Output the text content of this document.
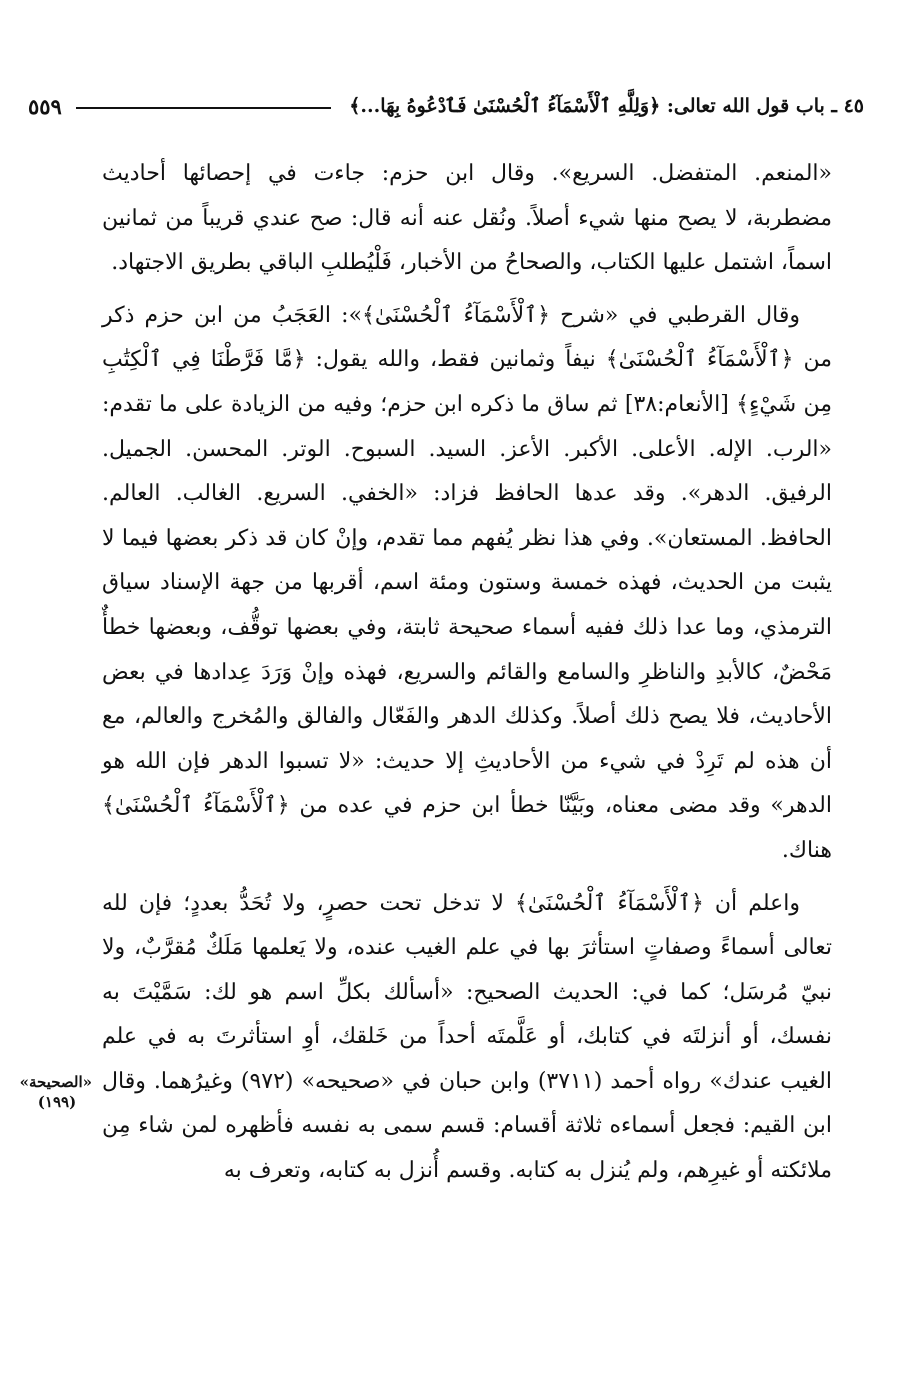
٤٥ ـ باب قول الله تعالى: ﴿وَلِلَّهِ ٱلْأَسْمَآءُ ٱلْحُسْنَىٰ فَٱدْعُوهُ بِهَا...﴾
٥٥٩

«المنعم. المتفضل. السريع». وقال ابن حزم: جاءت في إحصائها أحاديث مضطربة، لا يصح منها شيء أصلاً. ونُقل عنه أنه قال: صح عندي قريباً من ثمانين اسماً، اشتمل عليها الكتاب، والصحاحُ من الأخبار، فَلْيُطلبِ الباقي بطريق الاجتهاد.

وقال القرطبي في «شرح ﴿ٱلْأَسْمَآءُ ٱلْحُسْنَىٰ﴾»: العَجَبُ من ابن حزم ذكر من ﴿ٱلْأَسْمَآءُ ٱلْحُسْنَىٰ﴾ نيفاً وثمانين فقط، والله يقول: ﴿مَّا فَرَّطْنَا فِي ٱلْكِتَٰبِ مِن شَيْءٍ﴾ [الأنعام:٣٨] ثم ساق ما ذكره ابن حزم؛ وفيه من الزيادة على ما تقدم: «الرب. الإله. الأعلى. الأكبر. الأعز. السيد. السبوح. الوتر. المحسن. الجميل. الرفيق. الدهر». وقد عدها الحافظ فزاد: «الخفي. السريع. الغالب. العالم. الحافظ. المستعان». وفي هذا نظر يُفهم مما تقدم، وإنْ كان قد ذكر بعضها فيما لا يثبت من الحديث، فهذه خمسة وستون ومئة اسم، أقربها من جهة الإسناد سياق الترمذي، وما عدا ذلك ففيه أسماء صحيحة ثابتة، وفي بعضها توقُّف، وبعضها خطأٌ مَحْضٌ، كالأبدِ والناظرِ والسامع والقائم والسريع، فهذه وإنْ وَرَدَ عِدادها في بعض الأحاديث، فلا يصح ذلك أصلاً. وكذلك الدهر والفَعّال والفالق والمُخرج والعالم، مع أن هذه لم تَرِدْ في شيء من الأحاديثِ إلا حديث: «لا تسبوا الدهر فإن الله هو الدهر» وقد مضى معناه، وبَيَّنّا خطأ ابن حزم في عده من ﴿ٱلْأَسْمَآءُ ٱلْحُسْنَىٰ﴾ هناك.

واعلم أن ﴿ٱلْأَسْمَآءُ ٱلْحُسْنَىٰ﴾ لا تدخل تحت حصرٍ، ولا تُحَدُّ بعددٍ؛ فإن لله تعالى أسماءً وصفاتٍ استأثرَ بها في علم الغيب عنده، ولا يَعلمها مَلَكٌ مُقرَّبٌ، ولا نبيّ مُرسَل؛ كما في: الحديث الصحيح: «أسألك بكلِّ اسم هو لك: سَمَّيْتَ به نفسك، أو أنزلتَه في كتابك، أو عَلَّمتَه أحداً من خَلقك، أوِ استأثرتَ به في علم الغيب عندك» رواه أحمد (٣٧١١) وابن حبان في «صحيحه» (٩٧٢) وغيرُهما. وقال ابن القيم: فجعل أسماءه ثلاثة أقسام: قسم سمى به نفسه فأظهره لمن شاء مِن ملائكته أو غيرِهم، ولم يُنزل به كتابه. وقسم أُنزل به كتابه، وتعرف به

«الصحيحة»
(١٩٩)
